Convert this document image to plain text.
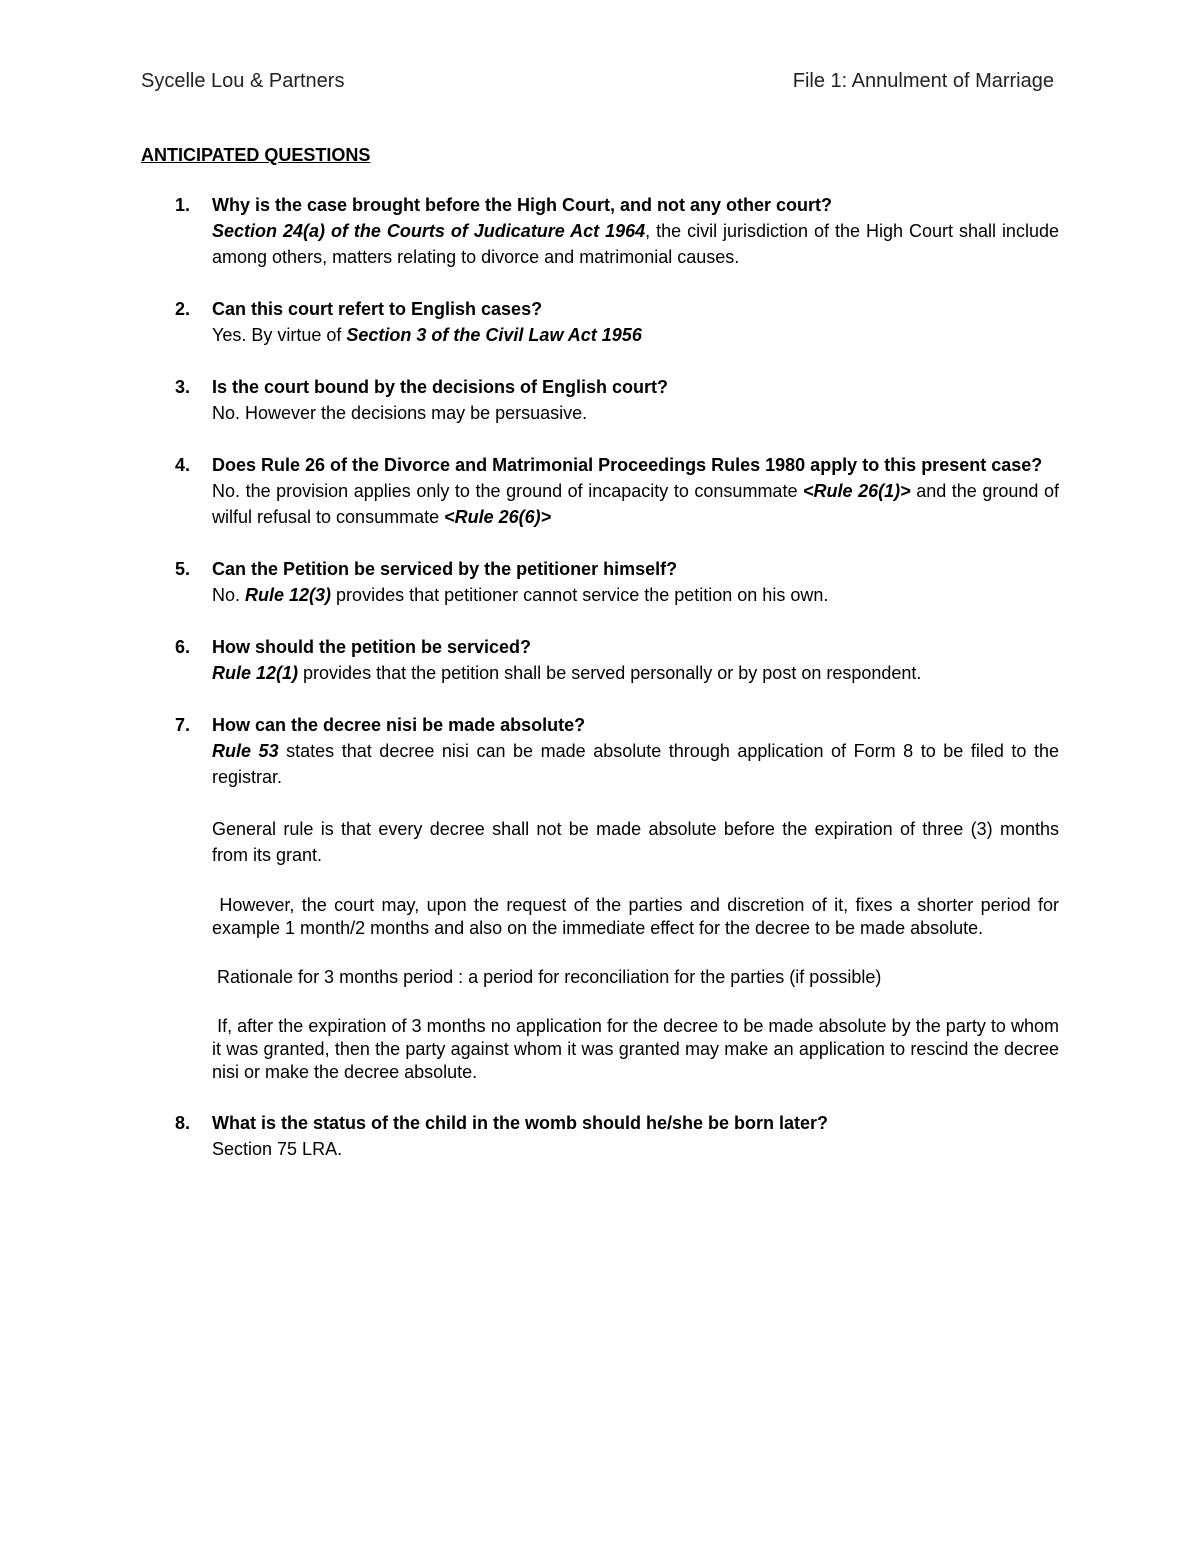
Sycelle Lou & Partners	File 1: Annulment of Marriage
ANTICIPATED QUESTIONS
1. Why is the case brought before the High Court, and not any other court?

Section 24(a) of the Courts of Judicature Act 1964, the civil jurisdiction of the High Court shall include among others, matters relating to divorce and matrimonial causes.

2. Can this court refert to English cases?

Yes. By virtue of Section 3 of the Civil Law Act 1956

3. Is the court bound by the decisions of English court?

No. However the decisions may be persuasive.

4. Does Rule 26 of the Divorce and Matrimonial Proceedings Rules 1980 apply to this present case?

No. the provision applies only to the ground of incapacity to consummate <Rule 26(1)> and the ground of wilful refusal to consummate <Rule 26(6)>

5. Can the Petition be serviced by the petitioner himself?

No. Rule 12(3) provides that petitioner cannot service the petition on his own.

6. How should the petition be serviced?

Rule 12(1) provides that the petition shall be served personally or by post on respondent.

7. How can the decree nisi be made absolute?

Rule 53 states that decree nisi can be made absolute through application of Form 8 to be filed to the registrar.

General rule is that every decree shall not be made absolute before the expiration of three (3) months from its grant.

However, the court may, upon the request of the parties and discretion of it, fixes a shorter period for example 1 month/2 months and also on the immediate effect for the decree to be made absolute.

Rationale for 3 months period : a period for reconciliation for the parties (if possible)

If, after the expiration of 3 months no application for the decree to be made absolute by the party to whom it was granted, then the party against whom it was granted may make an application to rescind the decree nisi or make the decree absolute.

8. What is the status of the child in the womb should he/she be born later?

Section 75 LRA.
